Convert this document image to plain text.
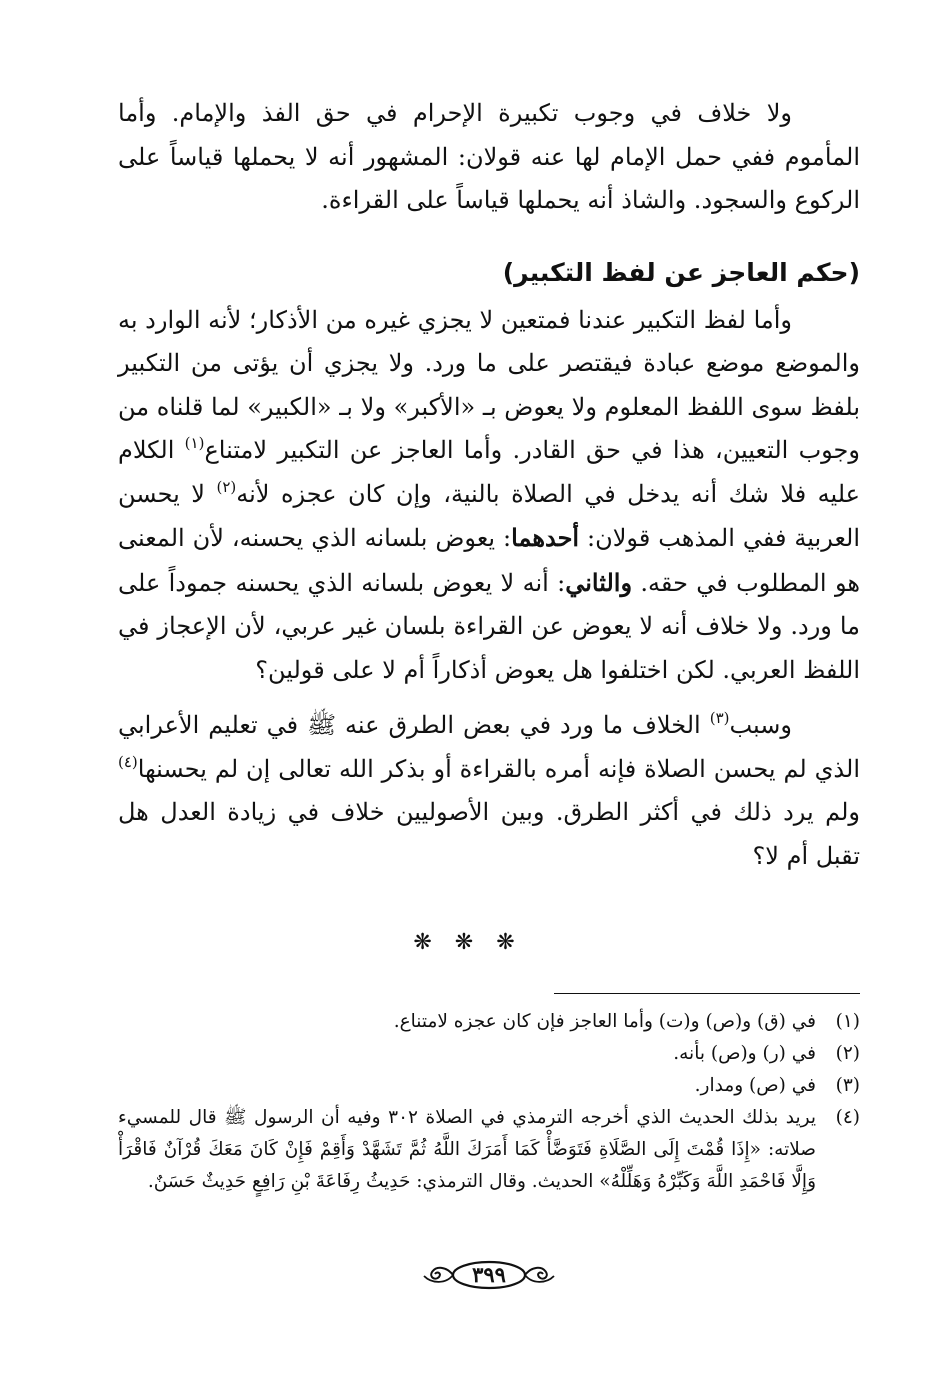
ولا خلاف في وجوب تكبيرة الإحرام في حق الفذ والإمام. وأما المأموم ففي حمل الإمام لها عنه قولان: المشهور أنه لا يحملها قياساً على الركوع والسجود. والشاذ أنه يحملها قياساً على القراءة.

(حكم العاجز عن لفظ التكبير)

وأما لفظ التكبير عندنا فمتعين لا يجزي غيره من الأذكار؛ لأنه الوارد به والموضع موضع عبادة فيقتصر على ما ورد. ولا يجزي أن يؤتى من التكبير بلفظ سوى اللفظ المعلوم ولا يعوض بـ «الأكبر» ولا بـ «الكبير» لما قلناه من وجوب التعيين، هذا في حق القادر. وأما العاجز عن التكبير لامتناع$^{(١)}$ الكلام عليه فلا شك أنه يدخل في الصلاة بالنية، وإن كان عجزه لأنه$^{(٢)}$ لا يحسن العربية ففي المذهب قولان: أحدهما: يعوض بلسانه الذي يحسنه، لأن المعنى هو المطلوب في حقه. والثاني: أنه لا يعوض بلسانه الذي يحسنه جموداً على ما ورد. ولا خلاف أنه لا يعوض عن القراءة بلسان غير عربي، لأن الإعجاز في اللفظ العربي. لكن اختلفوا هل يعوض أذكاراً أم لا على قولين؟

وسبب$^{(٣)}$ الخلاف ما ورد في بعض الطرق عنه ﷺ في تعليم الأعرابي الذي لم يحسن الصلاة فإنه أمره بالقراءة أو بذكر الله تعالى إن لم يحسنها$^{(٤)}$ ولم يرد ذلك في أكثر الطرق. وبين الأصوليين خلاف في زيادة العدل هل تقبل أم لا؟

❋ ❋ ❋
(١)
في (ق) و(ص) و(ت) وأما العاجز فإن كان عجزه لامتناع.
(٢)
في (ر) و(ص) بأنه.
(٣)
في (ص) ومدار.
(٤)
يريد بذلك الحديث الذي أخرجه الترمذي في الصلاة ٣٠٢ وفيه أن الرسول ﷺ قال للمسيء صلاته: «إِذَا قُمْتَ إِلَى الصَّلَاةِ فَتَوَضَّأْ كَمَا أَمَرَكَ اللَّهُ ثُمَّ تَشَهَّدْ وَأَقِمْ فَإِنْ كَانَ مَعَكَ قُرْآنٌ فَاقْرَأْ وَإِلَّا فَاحْمَدِ اللَّهَ وَكَبِّرْهُ وَهَلِّلْهُ» الحديث. وقال الترمذي: حَدِيثُ رِفَاعَةَ بْنِ رَافِعٍ حَدِيثٌ حَسَنٌ.
٣٩٩
